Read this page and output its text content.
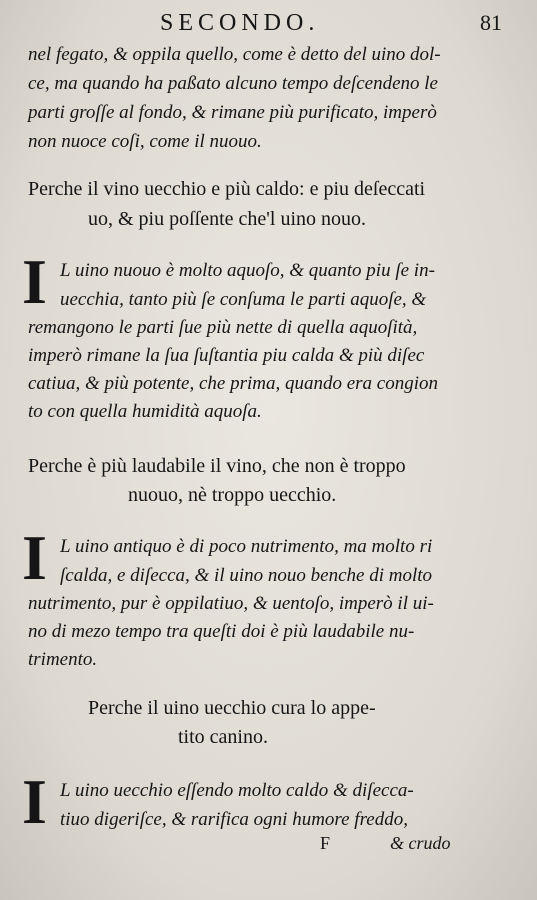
SECONDO.	81
nel fegato, & oppila quello, come è detto del uino dol-
ce, ma quando ha paßato alcuno tempo deſcendeno le
parti groſſe al fondo, & rimane più purificato, imperò
non nuoce coſi, come il nuouo.
Perche il vino uecchio e più caldo: e piu deſeccati
uo, & piu poſſente che'l uino nouo.
I L uino nuouo è molto aquoſo, & quanto piu ſe in-
uecchia, tanto più ſe conſuma le parti aquoſe, &
remangono le parti ſue più nette di quella aquoſità,
imperò rimane la ſua ſuſtantia piu calda & più diſec
catiua, & più potente, che prima, quando era congion
to con quella humidità aquoſa.
Perche è più laudabile il vino, che non è troppo
nuouo, nè troppo uecchio.
I L uino antiquo è di poco nutrimento, ma molto ri
ſcalda, e diſecca, & il uino nouo benche di molto
nutrimento, pur è oppilatiuo, & uentoſo, imperò il ui-
no di mezo tempo tra queſti doi è più laudabile nu-
trimento.
Perche il uino uecchio cura lo appe-
tito canino.
I L uino uecchio eſſendo molto caldo & diſecca-
tiuo digeriſce, & rarifica ogni humore freddo,
F	& crudo
